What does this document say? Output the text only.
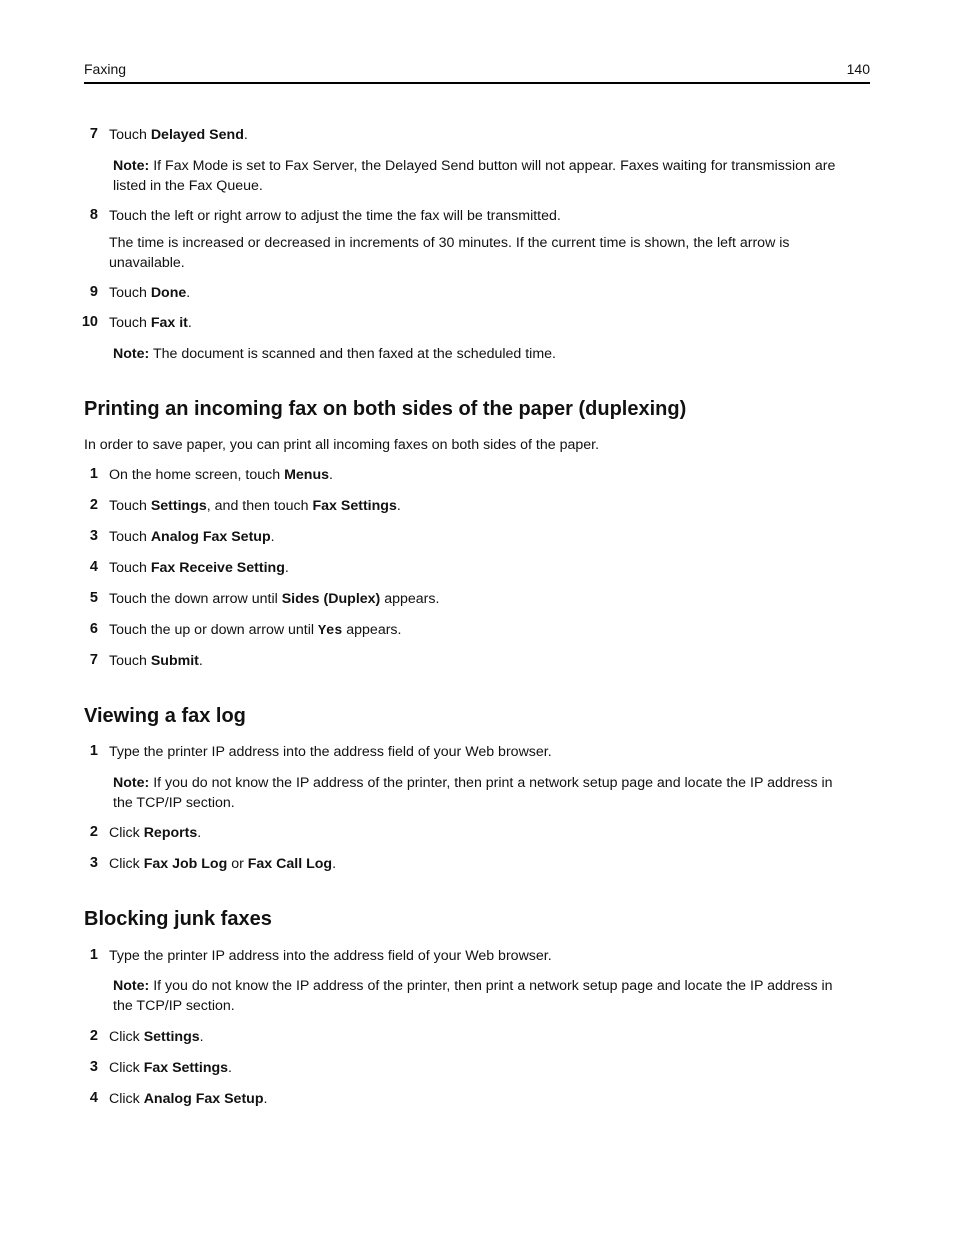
Faxing	140
7 Touch Delayed Send.
Note: If Fax Mode is set to Fax Server, the Delayed Send button will not appear. Faxes waiting for transmission are listed in the Fax Queue.
8 Touch the left or right arrow to adjust the time the fax will be transmitted.
The time is increased or decreased in increments of 30 minutes. If the current time is shown, the left arrow is unavailable.
9 Touch Done.
10 Touch Fax it.
Note: The document is scanned and then faxed at the scheduled time.
Printing an incoming fax on both sides of the paper (duplexing)
In order to save paper, you can print all incoming faxes on both sides of the paper.
1 On the home screen, touch Menus.
2 Touch Settings, and then touch Fax Settings.
3 Touch Analog Fax Setup.
4 Touch Fax Receive Setting.
5 Touch the down arrow until Sides (Duplex) appears.
6 Touch the up or down arrow until Yes appears.
7 Touch Submit.
Viewing a fax log
1 Type the printer IP address into the address field of your Web browser.
Note: If you do not know the IP address of the printer, then print a network setup page and locate the IP address in the TCP/IP section.
2 Click Reports.
3 Click Fax Job Log or Fax Call Log.
Blocking junk faxes
1 Type the printer IP address into the address field of your Web browser.
Note: If you do not know the IP address of the printer, then print a network setup page and locate the IP address in the TCP/IP section.
2 Click Settings.
3 Click Fax Settings.
4 Click Analog Fax Setup.
